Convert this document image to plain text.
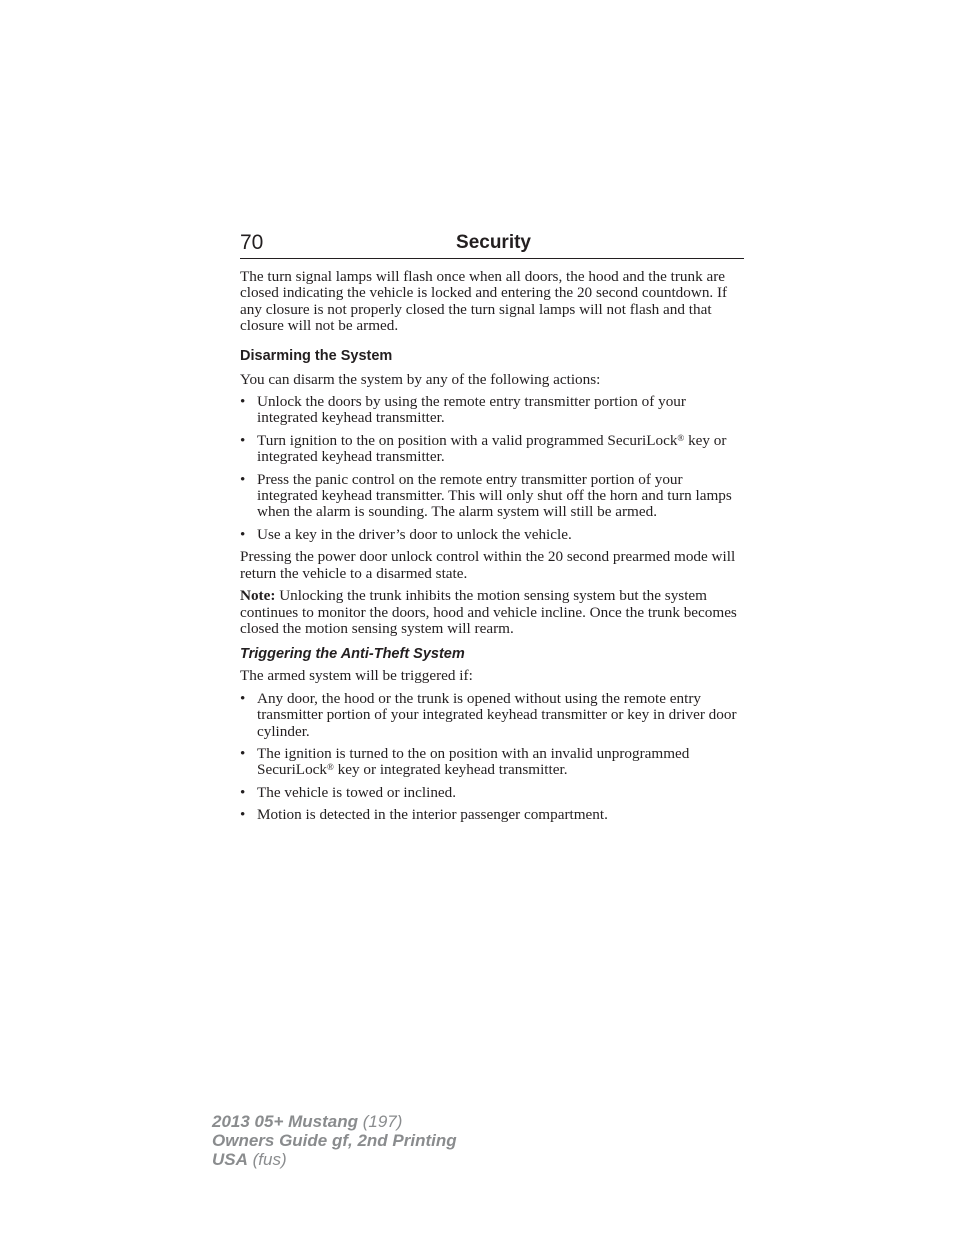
70	Security

The turn signal lamps will flash once when all doors, the hood and the trunk are closed indicating the vehicle is locked and entering the 20 second countdown. If any closure is not properly closed the turn signal lamps will not flash and that closure will not be armed.

Disarming the System

You can disarm the system by any of the following actions:

• Unlock the doors by using the remote entry transmitter portion of your integrated keyhead transmitter.
• Turn ignition to the on position with a valid programmed SecuriLock® key or integrated keyhead transmitter.
• Press the panic control on the remote entry transmitter portion of your integrated keyhead transmitter. This will only shut off the horn and turn lamps when the alarm is sounding. The alarm system will still be armed.
• Use a key in the driver’s door to unlock the vehicle.

Pressing the power door unlock control within the 20 second prearmed mode will return the vehicle to a disarmed state.

Note: Unlocking the trunk inhibits the motion sensing system but the system continues to monitor the doors, hood and vehicle incline. Once the trunk becomes closed the motion sensing system will rearm.

Triggering the Anti-Theft System

The armed system will be triggered if:

• Any door, the hood or the trunk is opened without using the remote entry transmitter portion of your integrated keyhead transmitter or key in driver door cylinder.
• The ignition is turned to the on position with an invalid unprogrammed SecuriLock® key or integrated keyhead transmitter.
• The vehicle is towed or inclined.
• Motion is detected in the interior passenger compartment.
2013 05+ Mustang (197)
Owners Guide gf, 2nd Printing
USA (fus)
